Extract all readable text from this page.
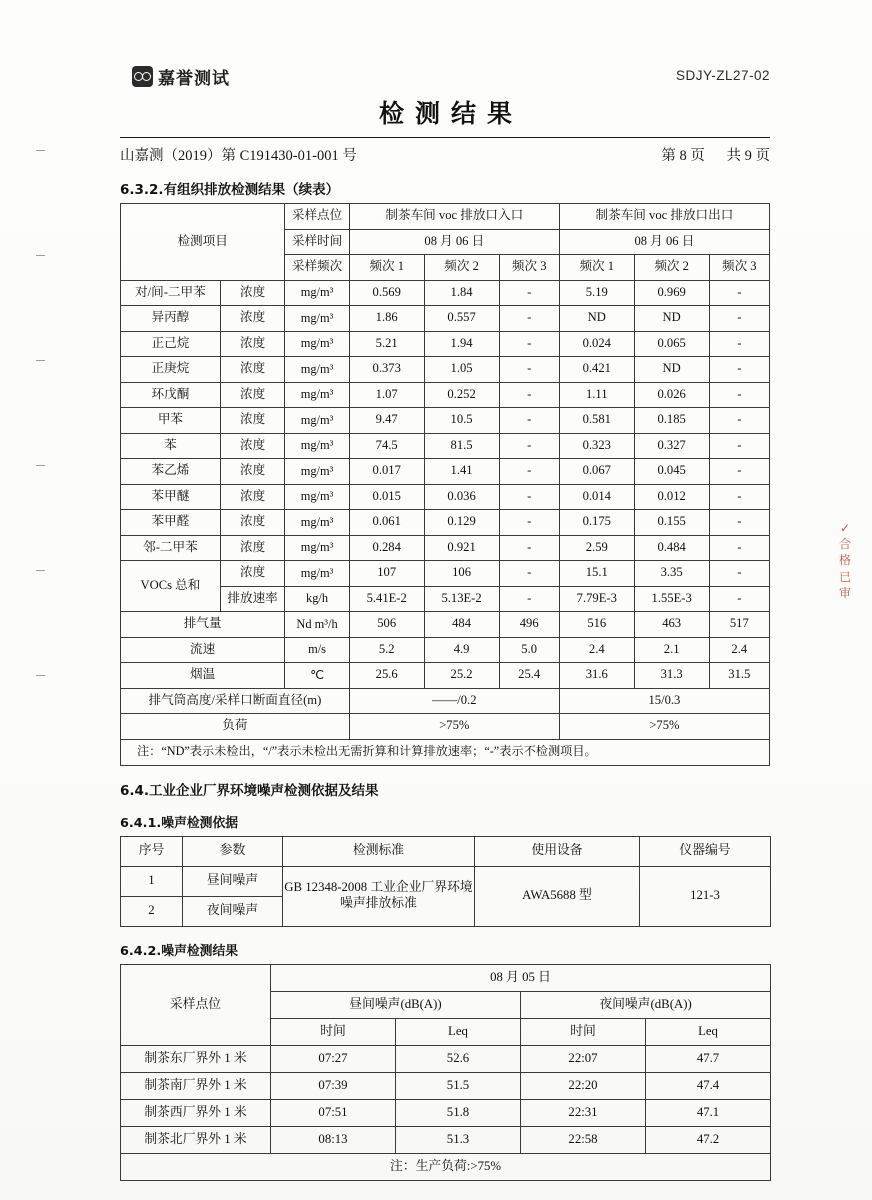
✓
合
格
已
审
嘉誉测试	SDJY-ZL27-02
检测结果
山嘉测（2019）第 C191430-01-001 号	第 8 页 共 9 页
6.3.2.有组织排放检测结果（续表）
检测项目		采样点位	制茶车间 voc 排放口入口			制茶车间 voc 排放口出口		
		采样时间	08 月 06 日			08 月 06 日		
		采样频次	频次 1	频次 2	频次 3	频次 1	频次 2	频次 3
对/间-二甲苯	浓度	mg/m³	0.569	1.84	-	5.19	0.969	-
异丙醇	浓度	mg/m³	1.86	0.557	-	ND	ND	-
正己烷	浓度	mg/m³	5.21	1.94	-	0.024	0.065	-
正庚烷	浓度	mg/m³	0.373	1.05	-	0.421	ND	-
环戊酮	浓度	mg/m³	1.07	0.252	-	1.11	0.026	-
甲苯	浓度	mg/m³	9.47	10.5	-	0.581	0.185	-
苯	浓度	mg/m³	74.5	81.5	-	0.323	0.327	-
苯乙烯	浓度	mg/m³	0.017	1.41	-	0.067	0.045	-
苯甲醚	浓度	mg/m³	0.015	0.036	-	0.014	0.012	-
苯甲醛	浓度	mg/m³	0.061	0.129	-	0.175	0.155	-
邻-二甲苯	浓度	mg/m³	0.284	0.921	-	2.59	0.484	-
VOCs 总和	浓度	mg/m³	107	106	-	15.1	3.35	-
	排放速率	kg/h	5.41E-2	5.13E-2	-	7.79E-3	1.55E-3	-
排气量		Nd m³/h	506	484	496	516	463	517
流速		m/s	5.2	4.9	5.0	2.4	2.1	2.4
烟温		℃	25.6	25.2	25.4	31.6	31.3	31.5
排气筒高度/采样口断面直径(m)			——/0.2			15/0.3		
负荷			>75%			>75%		
注：“ND”表示未检出，“/”表示未检出无需折算和计算排放速率；“-”表示不检测项目。								
6.4.工业企业厂界环境噪声检测依据及结果
6.4.1.噪声检测依据
序号	参数	检测标准	使用设备	仪器编号
1	昼间噪声	GB 12348-2008 工业企业厂界环境噪声排放标准	AWA5688 型	121-3
2	夜间噪声			
6.4.2.噪声检测结果
采样点位	08 月 05 日			
	昼间噪声(dB(A))		夜间噪声(dB(A))	
	时间	Leq	时间	Leq
制茶东厂界外 1 米	07:27	52.6	22:07	47.7
制茶南厂界外 1 米	07:39	51.5	22:20	47.4
制茶西厂界外 1 米	07:51	51.8	22:31	47.1
制茶北厂界外 1 米	08:13	51.3	22:58	47.2
注：生产负荷:>75%				
